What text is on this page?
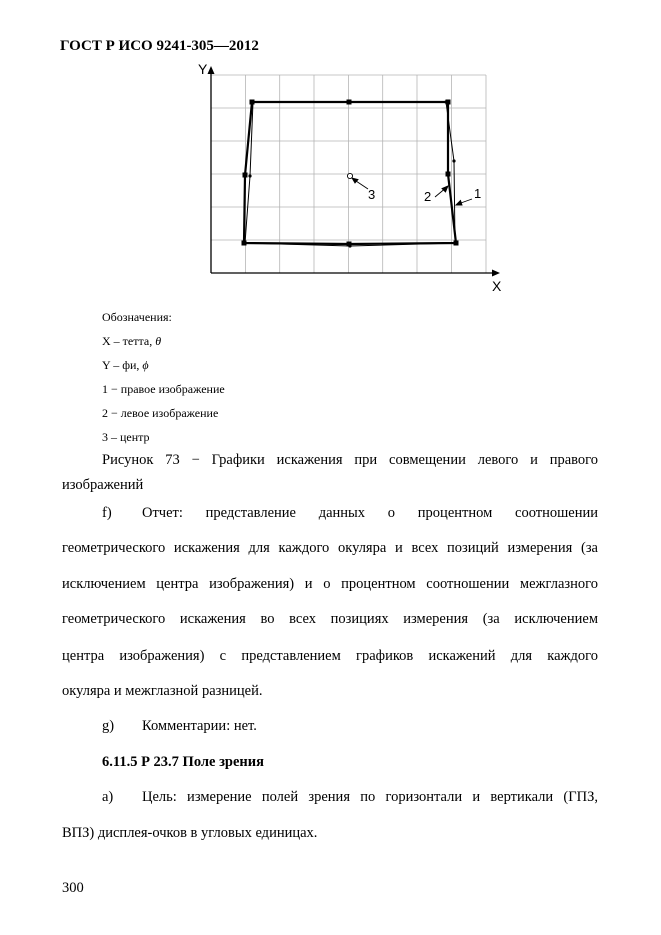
ГОСТ Р ИСО 9241-305—2012
Y
X
3	2	1
Обозначения:
X – тетта, θ
Y – фи, ϕ
1 − правое изображение
2 − левое изображение
3 – центр
Рисунок 73 − Графики искажения при совмещении левого и правого
изображений
f) Отчет: представление данных о процентном соотношении
геометрического искажения для каждого окуляра и всех позиций измерения (за
исключением центра изображения) и о процентном соотношении межглазного
геометрического искажения во всех позициях измерения (за исключением
центра изображения) с представлением графиков искажений для каждого
окуляра и межглазной разницей.
g) Комментарии: нет.
6.11.5 Р 23.7 Поле зрения
а) Цель: измерение полей зрения по горизонтали и вертикали (ГПЗ,
ВПЗ) дисплея-очков в угловых единицах.
300
